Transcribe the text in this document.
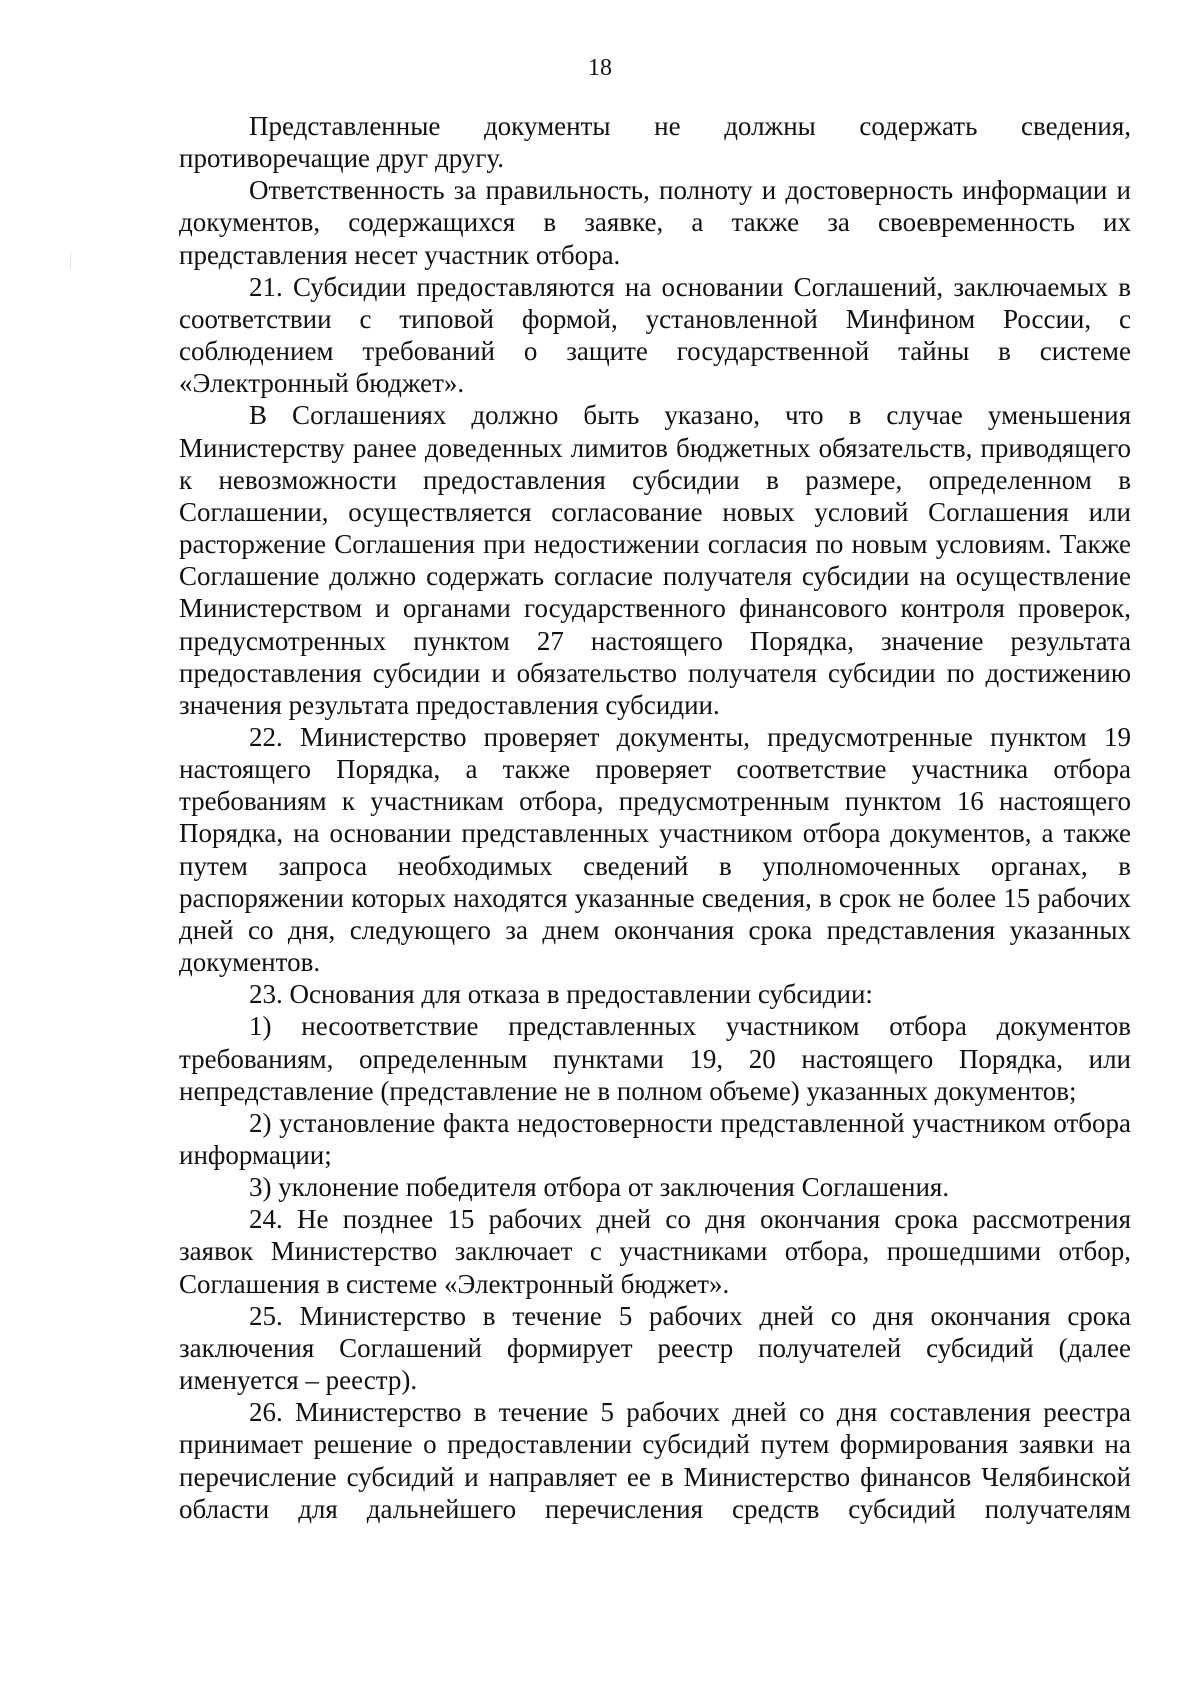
18

Представленные документы не должны содержать сведения, противоречащие друг другу.

Ответственность за правильность, полноту и достоверность информации и документов, содержащихся в заявке, а также за своевременность их представления несет участник отбора.

21. Субсидии предоставляются на основании Соглашений, заключаемых в соответствии с типовой формой, установленной Минфином России, с соблюдением требований о защите государственной тайны в системе «Электронный бюджет».

В Соглашениях должно быть указано, что в случае уменьшения Министерству ранее доведенных лимитов бюджетных обязательств, приводящего к невозможности предоставления субсидии в размере, определенном в Соглашении, осуществляется согласование новых условий Соглашения или расторжение Соглашения при недостижении согласия по новым условиям. Также Соглашение должно содержать согласие получателя субсидии на осуществление Министерством и органами государственного финансового контроля проверок, предусмотренных пунктом 27 настоящего Порядка, значение результата предоставления субсидии и обязательство получателя субсидии по достижению значения результата предоставления субсидии.

22. Министерство проверяет документы, предусмотренные пунктом 19 настоящего Порядка, а также проверяет соответствие участника отбора требованиям к участникам отбора, предусмотренным пунктом 16 настоящего Порядка, на основании представленных участником отбора документов, а также путем запроса необходимых сведений в уполномоченных органах, в распоряжении которых находятся указанные сведения, в срок не более 15 рабочих дней со дня, следующего за днем окончания срока представления указанных документов.

23. Основания для отказа в предоставлении субсидии:

1) несоответствие представленных участником отбора документов требованиям, определенным пунктами 19, 20 настоящего Порядка, или непредставление (представление не в полном объеме) указанных документов;

2) установление факта недостоверности представленной участником отбора информации;

3) уклонение победителя отбора от заключения Соглашения.

24. Не позднее 15 рабочих дней со дня окончания срока рассмотрения заявок Министерство заключает с участниками отбора, прошедшими отбор, Соглашения в системе «Электронный бюджет».

25. Министерство в течение 5 рабочих дней со дня окончания срока заключения Соглашений формирует реестр получателей субсидий (далее именуется – реестр).

26. Министерство в течение 5 рабочих дней со дня составления реестра принимает решение о предоставлении субсидий путем формирования заявки на перечисление субсидий и направляет ее в Министерство финансов Челябинской области для дальнейшего перечисления средств субсидий получателям
